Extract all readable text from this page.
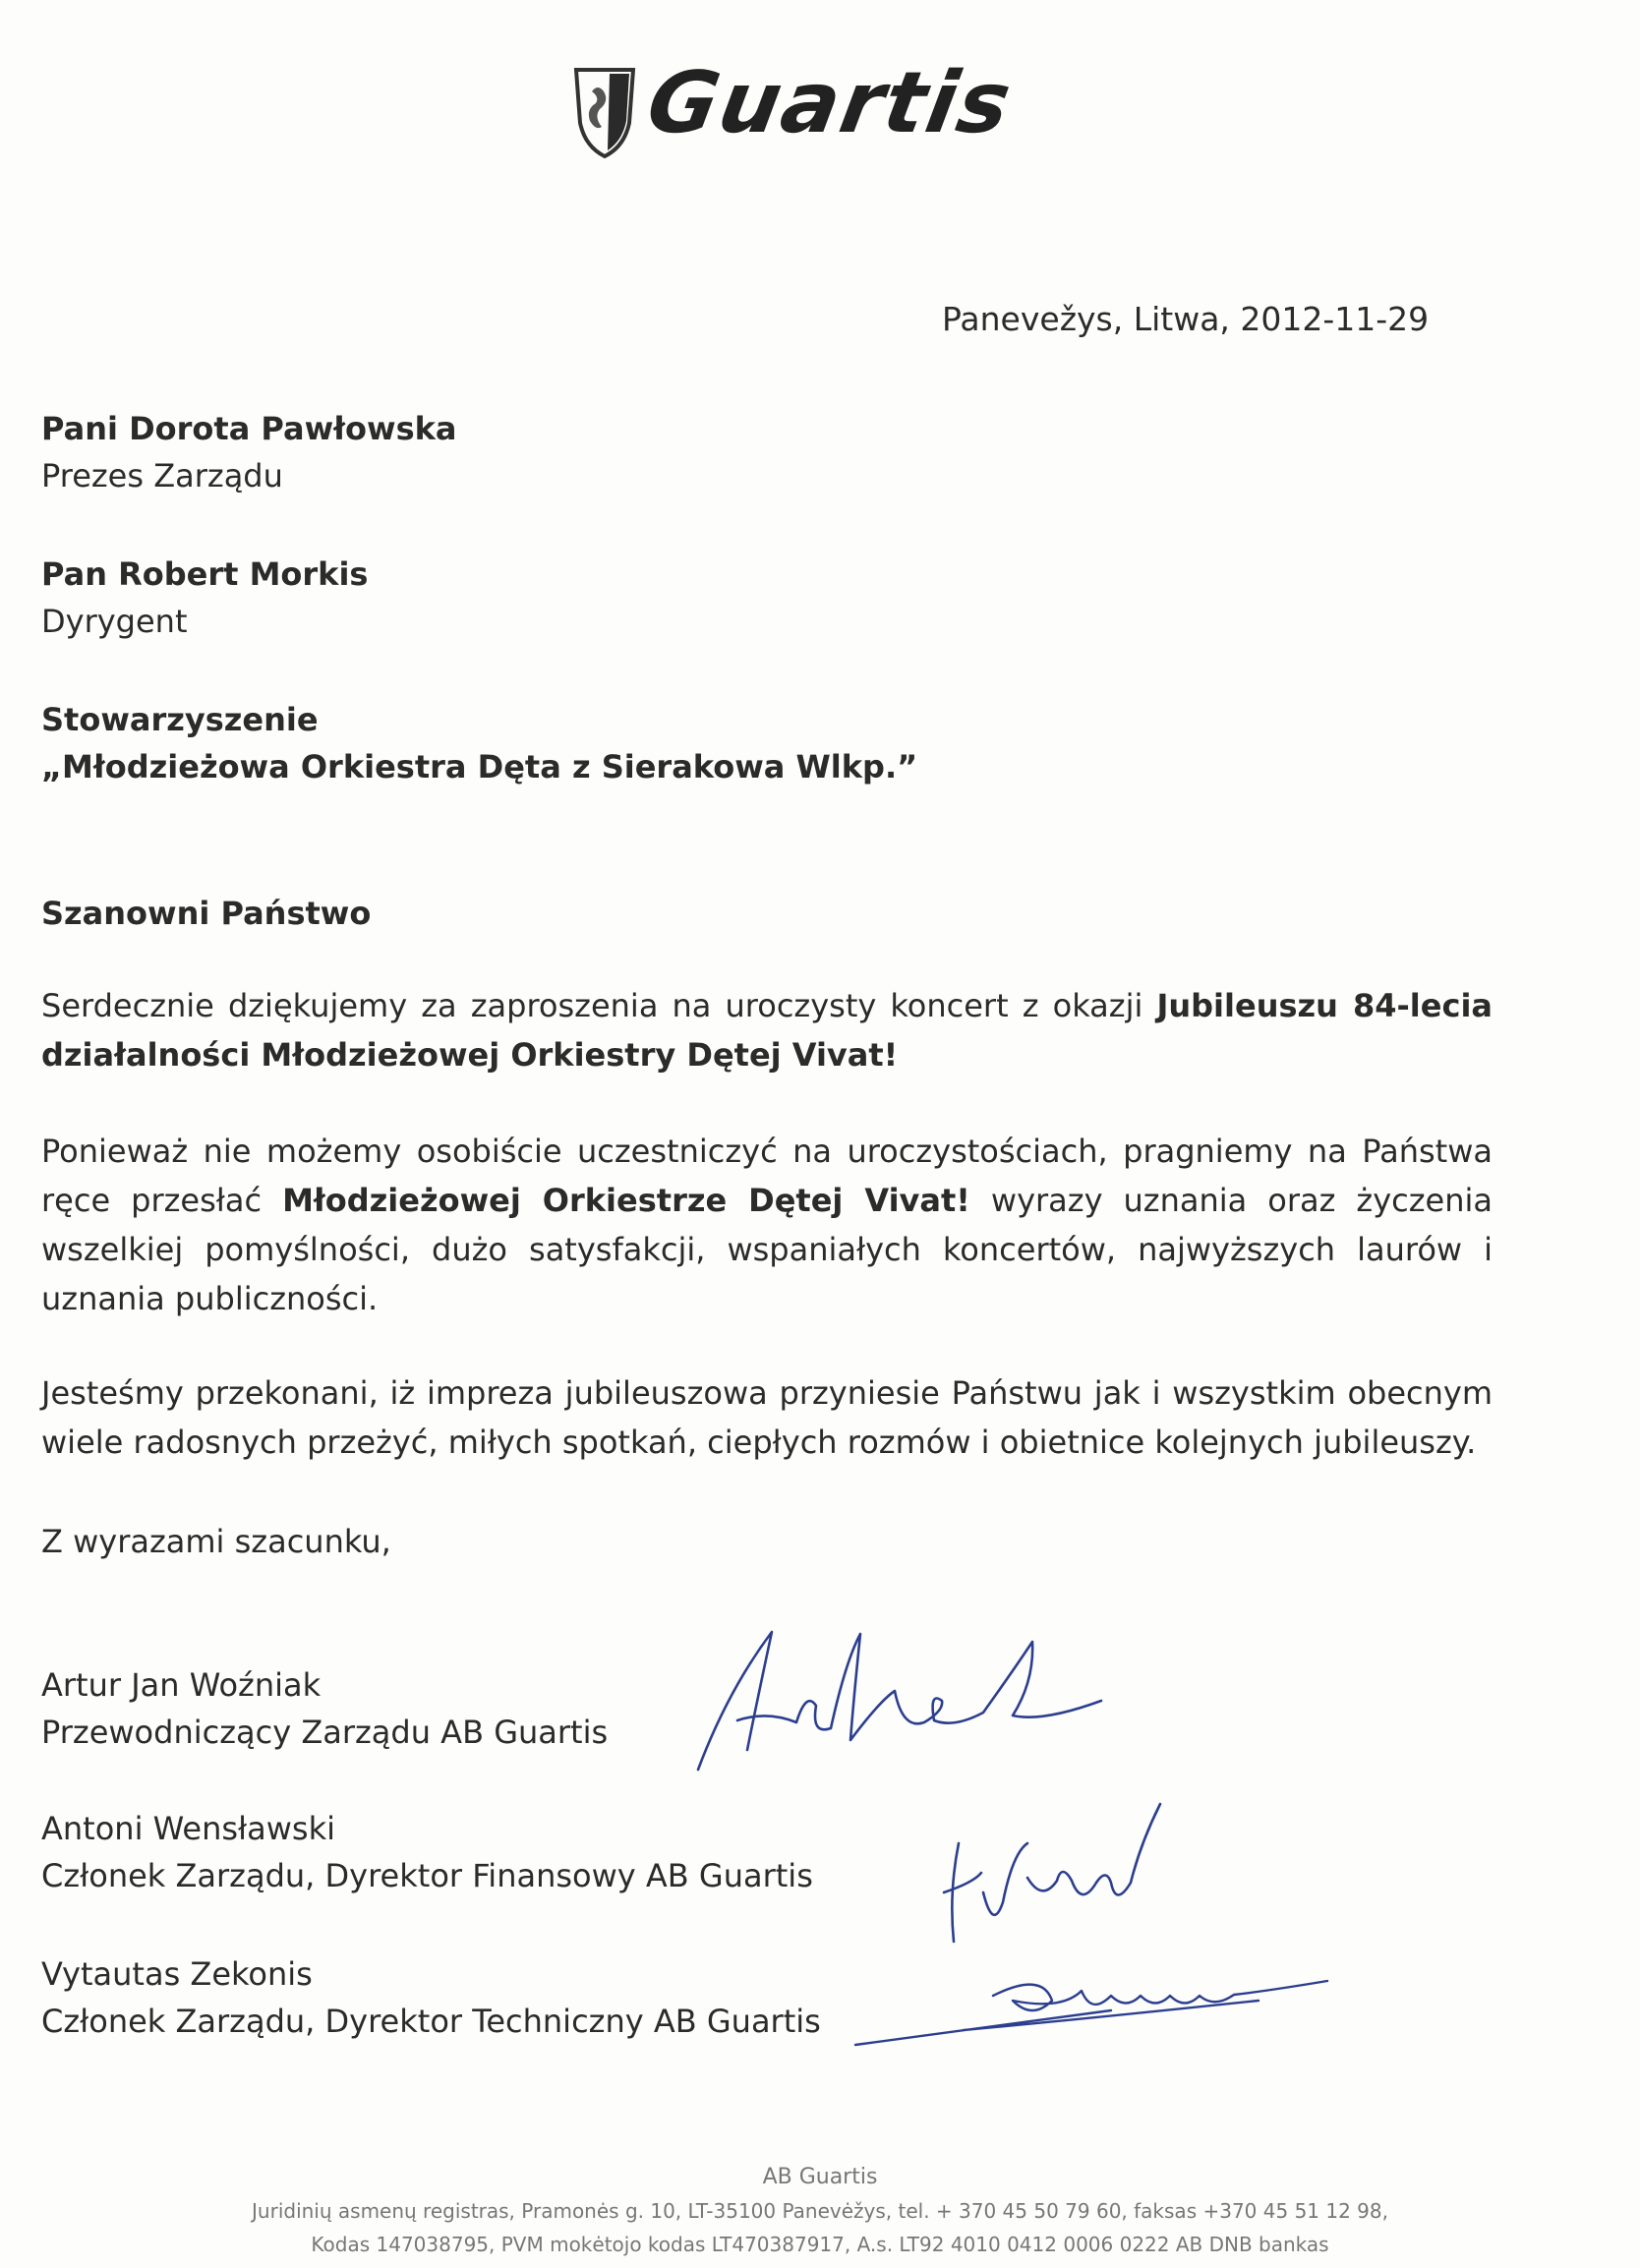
Guartis
Panevežys, Litwa, 2012-11-29
Pani Dorota Pawłowska
Prezes Zarządu
Pan Robert Morkis
Dyrygent
Stowarzyszenie
„Młodzieżowa Orkiestra Dęta z Sierakowa Wlkp.”
Szanowni Państwo
Serdecznie dziękujemy za zaproszenia na uroczysty koncert z okazji Jubileuszu 84-lecia działalności Młodzieżowej Orkiestry Dętej Vivat!
Ponieważ nie możemy osobiście uczestniczyć na uroczystościach, pragniemy na Państwa ręce przesłać Młodzieżowej Orkiestrze Dętej Vivat! wyrazy uznania oraz życzenia wszelkiej pomyślności, dużo satysfakcji, wspaniałych koncertów, najwyższych laurów i uznania publiczności.
Jesteśmy przekonani, iż impreza jubileuszowa przyniesie Państwu jak i wszystkim obecnym wiele radosnych przeżyć, miłych spotkań, ciepłych rozmów i obietnice kolejnych jubileuszy.
Z wyrazami szacunku,
Artur Jan Woźniak
Przewodniczący Zarządu AB Guartis
Antoni Wensławski
Członek Zarządu, Dyrektor Finansowy AB Guartis
Vytautas Zekonis
Członek Zarządu, Dyrektor Techniczny AB Guartis
AB Guartis
Juridinių asmenų registras, Pramonės g. 10, LT-35100 Panevėžys, tel. + 370 45 50 79 60, faksas +370 45 51 12 98,
Kodas 147038795, PVM mokėtojo kodas LT470387917, A.s. LT92 4010 0412 0006 0222 AB DNB bankas
